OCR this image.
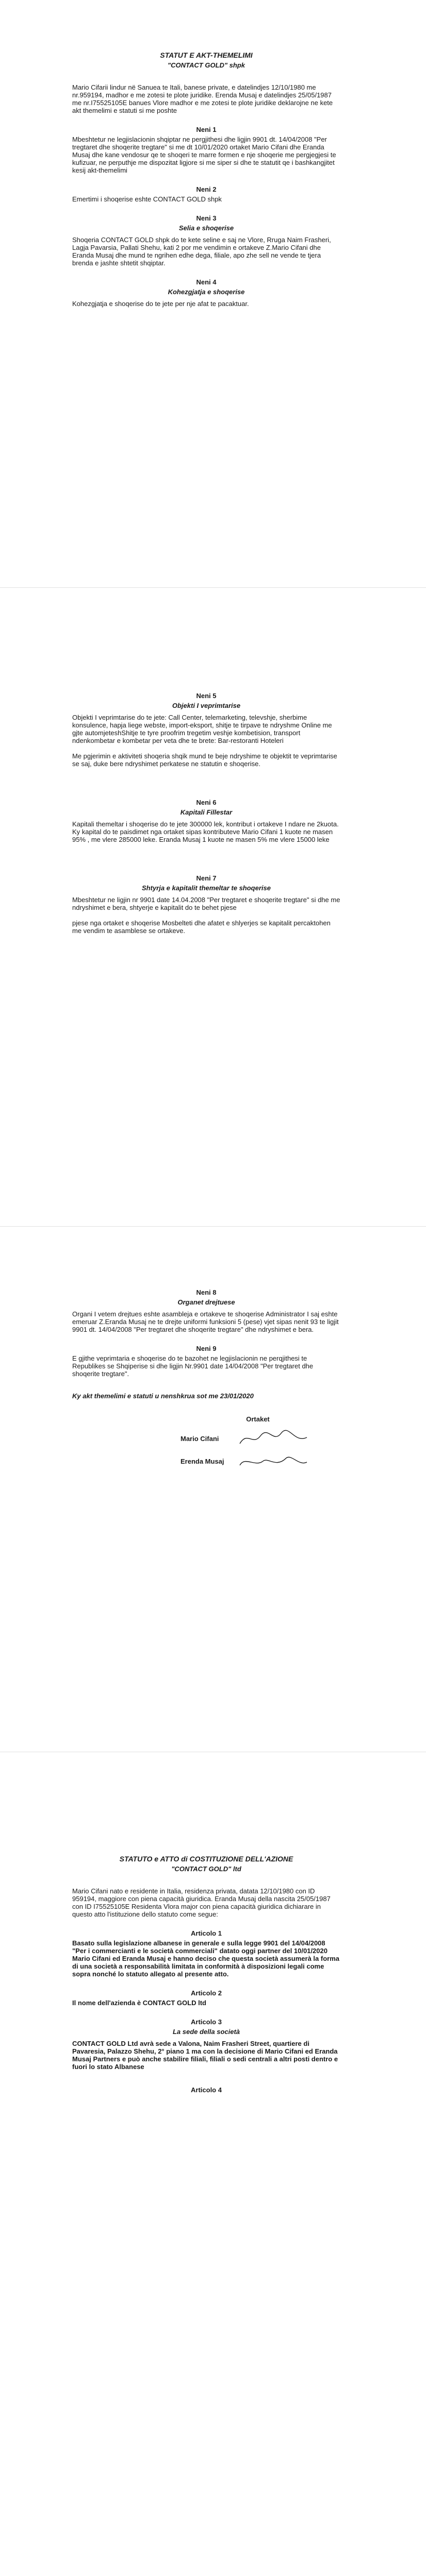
STATUT E AKT-THEMELIMI
"CONTACT GOLD" shpk
Mario Cifarii lindur në Sanuea te Itali, banese private, e datelindjes 12/10/1980 me nr.959194, madhor e me zotesi te plote juridike. Erenda Musaj e datelindjes 25/05/1987 me nr.I75525105E banues Vlore madhor e me zotesi te plote juridike deklarojne ne kete akt themelimi e statuti si me poshte
Neni 1
Mbeshtetur ne legjislacionin shqiptar ne pergjithesi dhe ligjin 9901 dt. 14/04/2008 "Per tregtaret dhe shoqerite tregtare" si me dt 10/01/2020 ortaket Mario Cifani dhe Eranda Musaj dhe kane vendosur qe te shoqeri te marre formen e nje shoqerie me pergjegjesi te kufizuar, ne perputhje me dispozitat ligjore si me siper si dhe te statutit qe i bashkangjitet kesij akt-themelimi
Neni 2
Emertimi i shoqerise eshte CONTACT GOLD shpk
Neni 3
Selia e shoqerise
Shoqeria CONTACT GOLD shpk do te kete seline e saj ne Vlore, Rruga Naim Frasheri, Lagja Pavarsia, Pallati Shehu, kati 2 por me vendimin e ortakeve Z.Mario Cifani dhe Eranda Musaj dhe mund te ngrihen edhe dega, filiale, apo zhe sell ne vende te tjera brenda e jashte shtetit shqiptar.
Neni 4
Kohezgjatja e shoqerise
Kohezgjatja e shoqerise do te jete per nje afat te pacaktuar.
Neni 5
Objekti I veprimtarise
Objekti I veprimtarise do te jete: Call Center, telemarketing, televshje, sherbime konsulence, hapja liege webste, import-eksport, shitje te tirpave te ndryshme Online me gjte automjeteshShitje te tyre proofrim tregetim veshje kombetision, transport ndenkombetar e kombetar per veta dhe te brete: Bar-restoranti Hoteleri

Me pgjerimin e aktiviteti shoqeria shqik mund te beje ndryshime te objektit te veprimtarise se saj, duke bere ndryshimet perkatese ne statutin e shoqerise.
Neni 6
Kapitali Fillestar
Kapitali themeltar i shoqerise do te jete 300000 lek, kontribut i ortakeve I ndare ne 2kuota. Ky kapital do te paisdimet nga ortaket sipas kontributeve Mario Cifani 1 kuote ne masen 95% , me vlere 285000 leke. Eranda Musaj 1 kuote ne masen 5% me vlere 15000 leke
Neni 7
Shtyrja e kapitalit themeltar te shoqerise
Mbeshtetur ne ligjin nr 9901 date 14.04.2008 "Per tregtaret e shoqerite tregtare" si dhe me ndryshimet e bera, shtyerje e kapitalit do te behet pjese

pjese nga ortaket e shoqerise Mosbelteti dhe afatet e shlyerjes se kapitalit percaktohen me vendim te asamblese se ortakeve.
Neni 8
Organet drejtuese
Organi I vetem drejtues eshte asambleja e ortakeve te shoqerise Administrator I saj eshte emeruar Z.Eranda Musaj ne te drejte uniformi funksioni 5 (pese) vjet sipas nenit 93 te ligjit 9901 dt. 14/04/2008 "Per tregtaret dhe shoqerite tregtare" dhe ndryshimet e bera.
Neni 9
E gjithe veprimtaria e shoqerise do te bazohet ne legjislacionin ne perqjithesi te Republikes se Shqiperise si dhe ligjin Nr.9901 date 14/04/2008 "Per tregtaret dhe shoqerite tregtare".
Ky akt themelimi e statuti u nenshkrua sot me 23/01/2020
Ortaket
Mario Cifani
Erenda Musaj
STATUTO e ATTO di COSTITUZIONE DELL'AZIONE
"CONTACT GOLD" ltd
Mario Cifani nato e residente in Italia, residenza privata, datata 12/10/1980 con ID 959194, maggiore con piena capacità giuridica. Eranda Musaj della nascita 25/05/1987 con ID I75525105E Residenta Vlora major con piena capacità giuridica dichiarare in questo atto l'istituzione dello statuto come segue:
Articolo 1
Basato sulla legislazione albanese in generale e sulla legge 9901 del 14/04/2008 "Per i commercianti e le società commerciali" datato oggi partner del 10/01/2020 Mario Cifani ed Eranda Musaj e hanno deciso che questa società assumerà la forma di una società a responsabilità limitata in conformità à disposizioni legali come sopra nonché lo statuto allegato al presente atto.
Articolo 2
Il nome dell'azienda è CONTACT GOLD ltd
Articolo 3
La sede della società
CONTACT GOLD Ltd avrà sede a Valona, Naim Frasheri Street, quartiere di Pavaresia, Palazzo Shehu, 2° piano 1 ma con la decisione di Mario Cifani ed Eranda Musaj Partners e può anche stabilire filiali, filiali o sedi centrali a altri posti dentro e fuori lo stato Albanese
Articolo 4
